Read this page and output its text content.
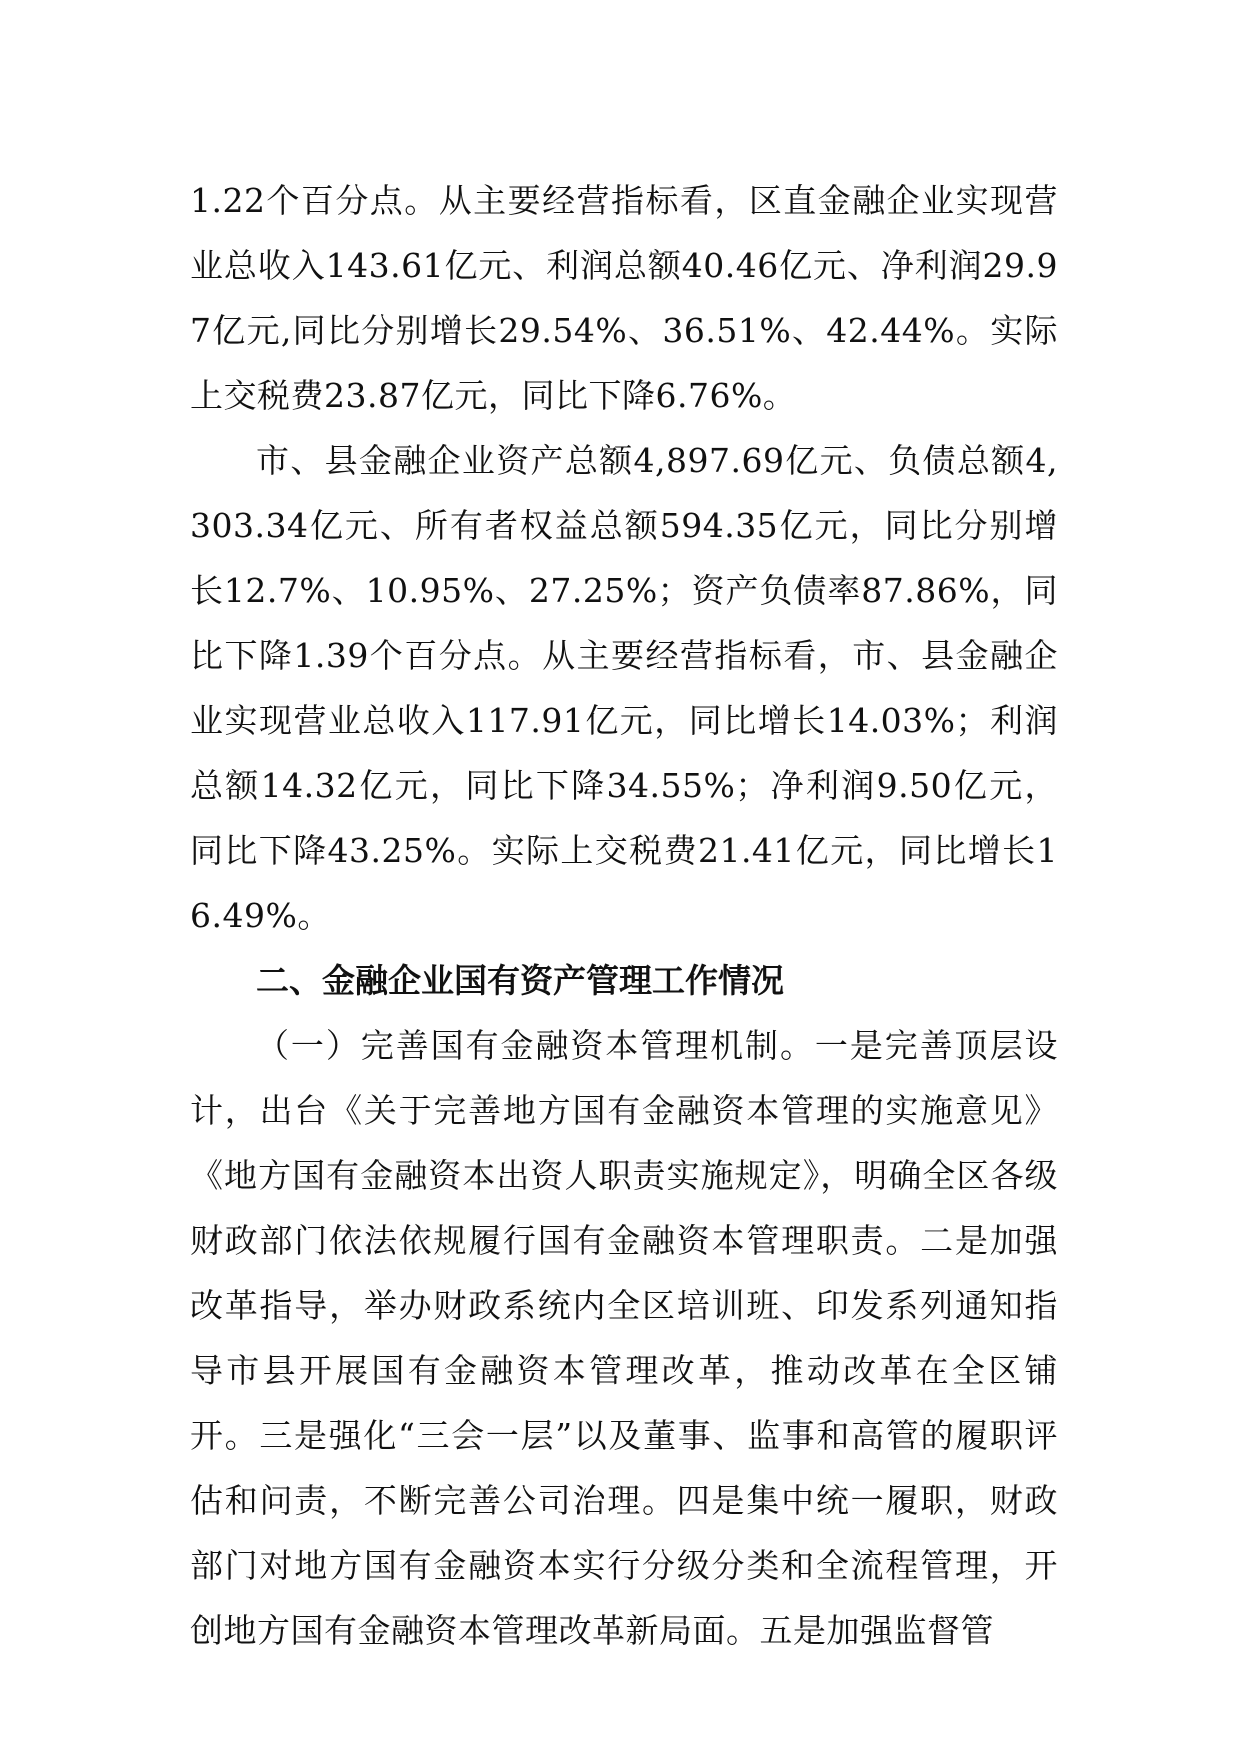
1.22个百分点。从主要经营指标看，区直金融企业实现营业总收入143.61亿元、利润总额40.46亿元、净利润29.97亿元,同比分别增长29.54%、36.51%、42.44%。实际上交税费23.87亿元，同比下降6.76%。

市、县金融企业资产总额4,897.69亿元、负债总额4,303.34亿元、所有者权益总额594.35亿元，同比分别增长12.7%、10.95%、27.25%；资产负债率87.86%，同比下降1.39个百分点。从主要经营指标看，市、县金融企业实现营业总收入117.91亿元，同比增长14.03%；利润总额14.32亿元，同比下降34.55%；净利润9.50亿元，同比下降43.25%。实际上交税费21.41亿元，同比增长16.49%。

二、金融企业国有资产管理工作情况

（一）完善国有金融资本管理机制。一是完善顶层设计，出台《关于完善地方国有金融资本管理的实施意见》《地方国有金融资本出资人职责实施规定》，明确全区各级财政部门依法依规履行国有金融资本管理职责。二是加强改革指导，举办财政系统内全区培训班、印发系列通知指导市县开展国有金融资本管理改革，推动改革在全区铺开。三是强化“三会一层”以及董事、监事和高管的履职评估和问责，不断完善公司治理。四是集中统一履职，财政部门对地方国有金融资本实行分级分类和全流程管理，开创地方国有金融资本管理改革新局面。五是加强监督管
